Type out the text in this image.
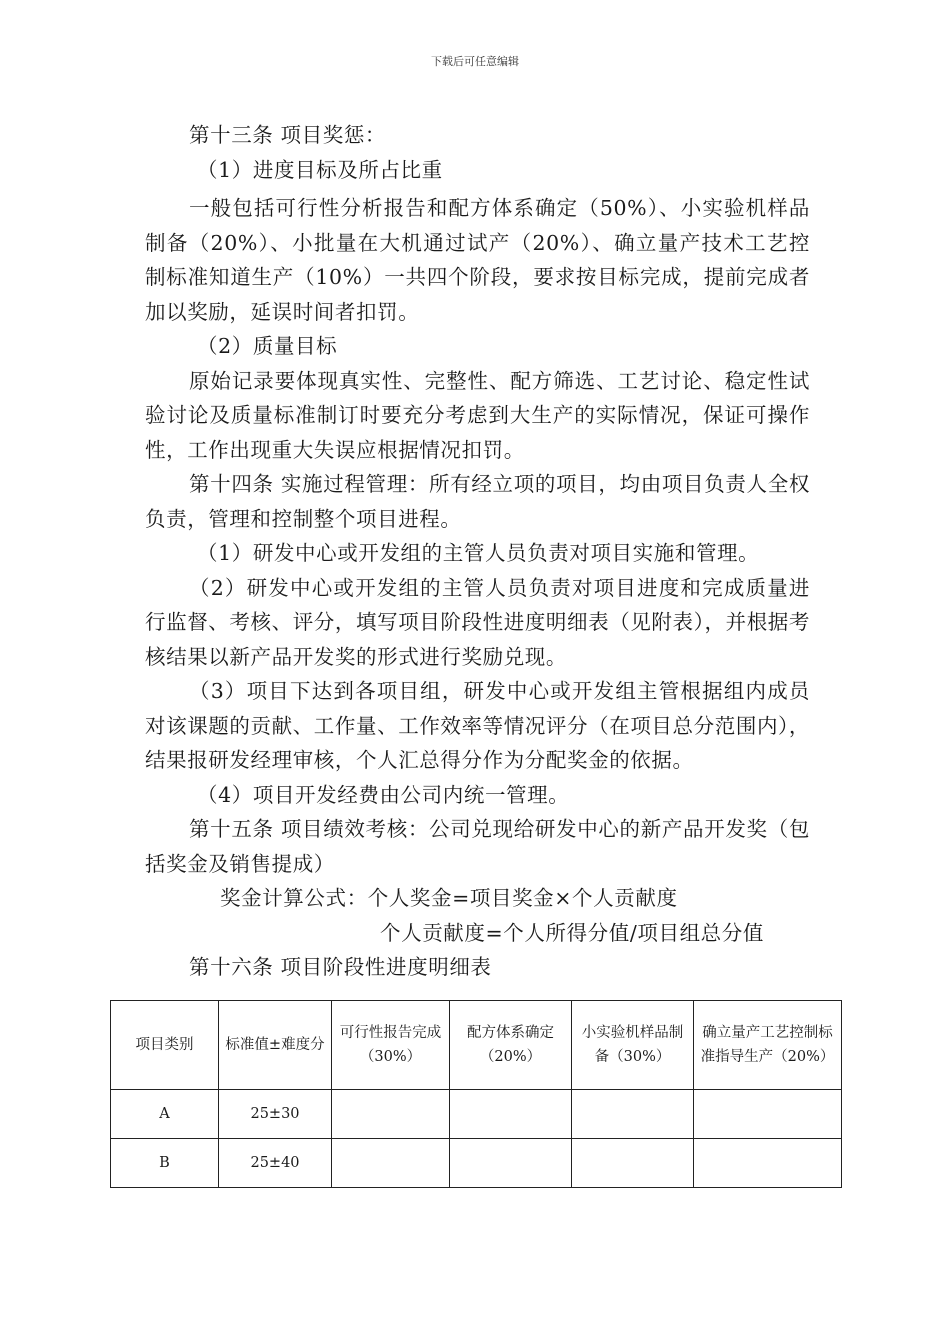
下载后可任意编辑

第十三条 项目奖惩：

（1）进度目标及所占比重

一般包括可行性分析报告和配方体系确定（50%）、小实验机样品制备（20%）、小批量在大机通过试产（20%）、确立量产技术工艺控制标准知道生产（10%）一共四个阶段，要求按目标完成，提前完成者加以奖励，延误时间者扣罚。

（2）质量目标

原始记录要体现真实性、完整性、配方筛选、工艺讨论、稳定性试验讨论及质量标准制订时要充分考虑到大生产的实际情况，保证可操作性，工作出现重大失误应根据情况扣罚。

第十四条 实施过程管理：所有经立项的项目，均由项目负责人全权负责，管理和控制整个项目进程。

（1）研发中心或开发组的主管人员负责对项目实施和管理。

（2）研发中心或开发组的主管人员负责对项目进度和完成质量进行监督、考核、评分，填写项目阶段性进度明细表（见附表），并根据考核结果以新产品开发奖的形式进行奖励兑现。

（3）项目下达到各项目组，研发中心或开发组主管根据组内成员对该课题的贡献、工作量、工作效率等情况评分（在项目总分范围内），结果报研发经理审核，个人汇总得分作为分配奖金的依据。

（4）项目开发经费由公司内统一管理。

第十五条 项目绩效考核：公司兑现给研发中心的新产品开发奖（包括奖金及销售提成）

奖金计算公式：个人奖金=项目奖金×个人贡献度

个人贡献度=个人所得分值/项目组总分值

第十六条 项目阶段性进度明细表

项目类别	标准值±难度分	可行性报告完成（30%）	配方体系确定（20%）	小实验机样品制备（30%）	确立量产工艺控制标准指导生产（20%）
A	25±30				
B	25±40				
